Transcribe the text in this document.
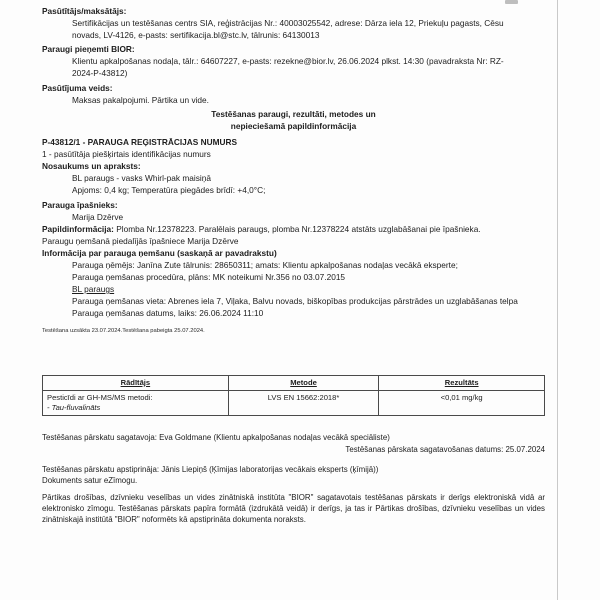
Pasūtītājs/maksātājs:
Sertifikācijas un testēšanas centrs SIA, reģistrācijas Nr.: 40003025542, adrese: Dārza iela 12, Priekuļu pagasts, Cēsu
novads, LV-4126, e-pasts: sertifikacija.bl@stc.lv, tālrunis: 64130013
Paraugi pieņemti BIOR:
Klientu apkalpošanas nodaļa, tālr.: 64607227, e-pasts: rezekne@bior.lv, 26.06.2024 plkst. 14:30 (pavadraksta Nr: RZ-
2024-P-43812)
Pasūtījuma veids:
Maksas pakalpojumi. Pārtika un vide.
Testēšanas paraugi, rezultāti, metodes un
nepieciešamā papildinformācija
P-43812/1 - PARAUGA REĢISTRĀCIJAS NUMURS
1 - pasūtītāja piešķirtais identifikācijas numurs
Nosaukums un apraksts:
BL paraugs - vasks Whirl-pak maisiņā
Apjoms: 0,4 kg; Temperatūra piegādes brīdī: +4,0°C;
Parauga īpašnieks:
Marija Dzērve
Papildinformācija: Plomba Nr.12378223. Paralēlais paraugs, plomba Nr.12378224 atstāts uzglabāšanai pie īpašnieka.
Paraugu ņemšanā piedalījās īpašniece Marija Dzērve
Informācija par parauga ņemšanu (saskaņā ar pavadrakstu)
Parauga ņēmējs: Janīna Zute tālrunis: 28650311; amats: Klientu apkalpošanas nodaļas vecākā eksperte;
Parauga ņemšanas procedūra, plāns: MK noteikumi Nr.356 no 03.07.2015
BL paraugs
Parauga ņemšanas vieta: Abrenes iela 7, Viļaka, Balvu novads, biškopības produkcijas pārstrādes un uzglabāšanas telpa
Parauga ņemšanas datums, laiks: 26.06.2024 11:10
Testēšana uzsākta 23.07.2024.Testēšana pabeigta 25.07.2024.
Rādītājs	Metode	Rezultāts

Pesticīdi ar GH-MS/MS metodi:
- Tau-fluvalināts	LVS EN 15662:2018*	<0,01 mg/kg
Testēšanas pārskatu sagatavoja: Eva Goldmane (Klientu apkalpošanas nodaļas vecākā speciāliste)
Testēšanas pārskata sagatavošanas datums: 25.07.2024
Testēšanas pārskatu apstiprināja: Jānis Liepiņš (Ķīmijas laboratorijas vecākais eksperts (ķīmijā))
Dokuments satur eZīmogu.
Pārtikas drošības, dzīvnieku veselības un vides zinātniskā institūta "BIOR" sagatavotais testēšanas pārskats ir derīgs elektroniskā vidā ar elektronisko zīmogu. Testēšanas pārskats papīra formātā (izdrukātā veidā) ir derīgs, ja tas ir Pārtikas drošības, dzīvnieku veselības un vides zinātniskajā institūtā "BIOR" noformēts kā apstiprināta dokumenta noraksts.
